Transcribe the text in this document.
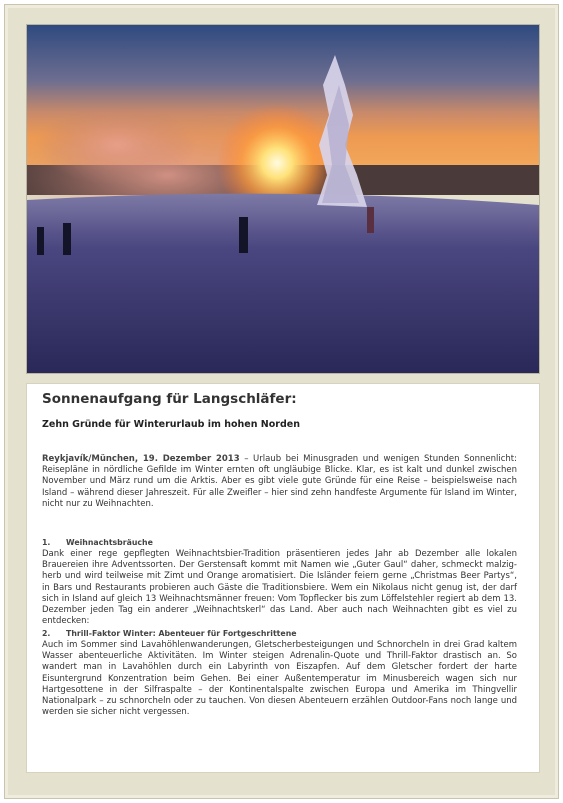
Sonnenaufgang für Langschläfer:
Zehn Gründe für Winterurlaub im hohen Norden

Reykjavík/München, 19. Dezember 2013 – Urlaub bei Minusgraden und wenigen Stunden Sonnenlicht: Reisepläne in nördliche Gefilde im Winter ernten oft ungläubige Blicke. Klar, es ist kalt und dunkel zwischen November und März rund um die Arktis. Aber es gibt viele gute Gründe für eine Reise – beispielsweise nach Island – während dieser Jahreszeit. Für alle Zweifler – hier sind zehn handfeste Argumente für Island im Winter, nicht nur zu Weihnachten.

1. Weihnachtsbräuche

Dank einer rege gepflegten Weihnachtsbier-Tradition präsentieren jedes Jahr ab Dezember alle lokalen Brauereien ihre Adventssorten. Der Gerstensaft kommt mit Namen wie „Guter Gaul“ daher, schmeckt malzig-herb und wird teilweise mit Zimt und Orange aromatisiert. Die Isländer feiern gerne „Christmas Beer Partys“, in Bars und Restaurants probieren auch Gäste die Traditionsbiere. Wem ein Nikolaus nicht genug ist, der darf sich in Island auf gleich 13 Weihnachtsmänner freuen: Vom Topflecker bis zum Löffelstehler regiert ab dem 13. Dezember jeden Tag ein anderer „Weihnachtskerl“ das Land. Aber auch nach Weihnachten gibt es viel zu entdecken:

2. Thrill-Faktor Winter: Abenteuer für Fortgeschrittene

Auch im Sommer sind Lavahöhlenwanderungen, Gletscherbesteigungen und Schnorcheln in drei Grad kaltem Wasser abenteuerliche Aktivitäten. Im Winter steigen Adrenalin-Quote und Thrill-Faktor drastisch an. So wandert man in Lavahöhlen durch ein Labyrinth von Eiszapfen. Auf dem Gletscher fordert der harte Eisuntergrund Konzentration beim Gehen. Bei einer Außentemperatur im Minusbereich wagen sich nur Hartgesottene in der Silfraspalte – der Kontinentalspalte zwischen Europa und Amerika im Thingvellir Nationalpark – zu schnorcheln oder zu tauchen. Von diesen Abenteuern erzählen Outdoor-Fans noch lange und werden sie sicher nicht vergessen.
